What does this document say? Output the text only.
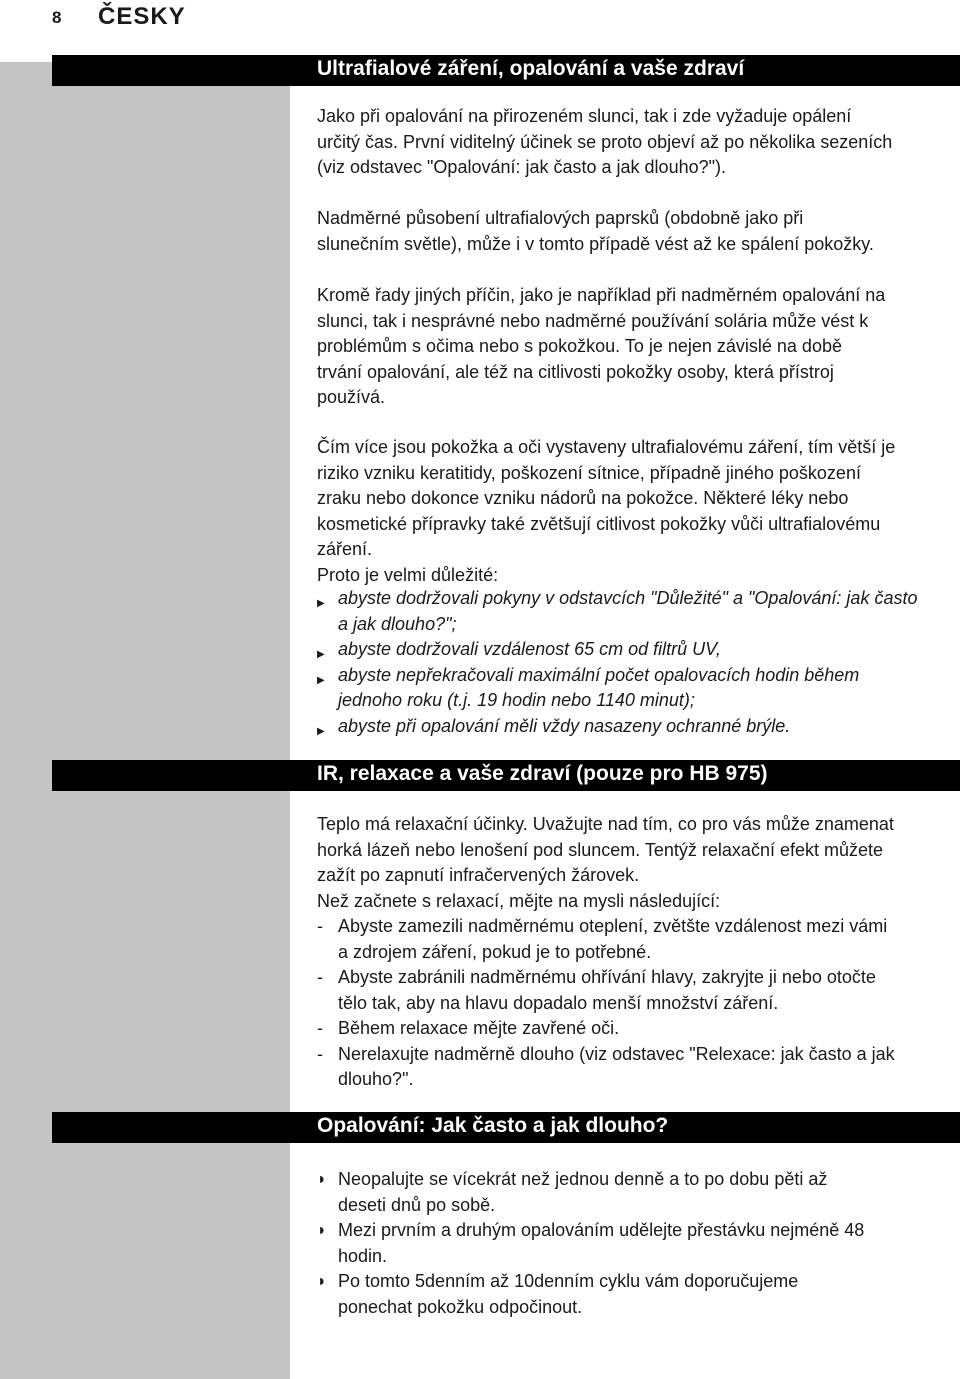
8 ČESKY
Ultrafialové záření, opalování a vaše zdraví
IR, relaxace a vaše zdraví (pouze pro HB 975)
Opalování: Jak často a jak dlouho?
Jako při opalování na přirozeném slunci, tak i zde vyžaduje opálení
určitý čas. První viditelný účinek se proto objeví až po několika sezeních
(viz odstavec "Opalování: jak často a jak dlouho?").
Nadměrné působení ultrafialových paprsků (obdobně jako při
slunečním světle), může i v tomto případě vést až ke spálení pokožky.
Kromě řady jiných příčin, jako je například při nadměrném opalování na
slunci, tak i nesprávné nebo nadměrné používání solária může vést k
problémům s očima nebo s pokožkou. To je nejen závislé na době
trvání opalování, ale též na citlivosti pokožky osoby, která přístroj
používá.
Čím více jsou pokožka a oči vystaveny ultrafialovému záření, tím větší je
riziko vzniku keratitidy, poškození sítnice, případně jiného poškození
zraku nebo dokonce vzniku nádorů na pokožce. Některé léky nebo
kosmetické přípravky také zvětšují citlivost pokožky vůči ultrafialovému
záření.
Proto je velmi důležité:
▶ abyste dodržovali pokyny v odstavcích "Důležité" a "Opalování: jak často
a jak dlouho?";
▶ abyste dodržovali vzdálenost 65 cm od filtrů UV,
▶ abyste nepřekračovali maximální počet opalovacích hodin během
jednoho roku (t.j. 19 hodin nebo 1140 minut);
▶ abyste při opalování měli vždy nasazeny ochranné brýle.
Teplo má relaxační účinky. Uvažujte nad tím, co pro vás může znamenat
horká lázeň nebo lenošení pod sluncem. Tentýž relaxační efekt můžete
zažít po zapnutí infračervených žárovek.
Než začnete s relaxací, mějte na mysli následující:
- Abyste zamezili nadměrnému oteplení, zvětšte vzdálenost mezi vámi
a zdrojem záření, pokud je to potřebné.
- Abyste zabránili nadměrnému ohřívání hlavy, zakryjte ji nebo otočte
tělo tak, aby na hlavu dopadalo menší množství záření.
- Během relaxace mějte zavřené oči.
- Nerelaxujte nadměrně dlouho (viz odstavec "Relexace: jak často a jak
dlouho?".
◗ Neopalujte se vícekrát než jednou denně a to po dobu pěti až
deseti dnů po sobě.
◗ Mezi prvním a druhým opalováním udělejte přestávku nejméně 48
hodin.
◗ Po tomto 5denním až 10denním cyklu vám doporučujeme
ponechat pokožku odpočinout.
